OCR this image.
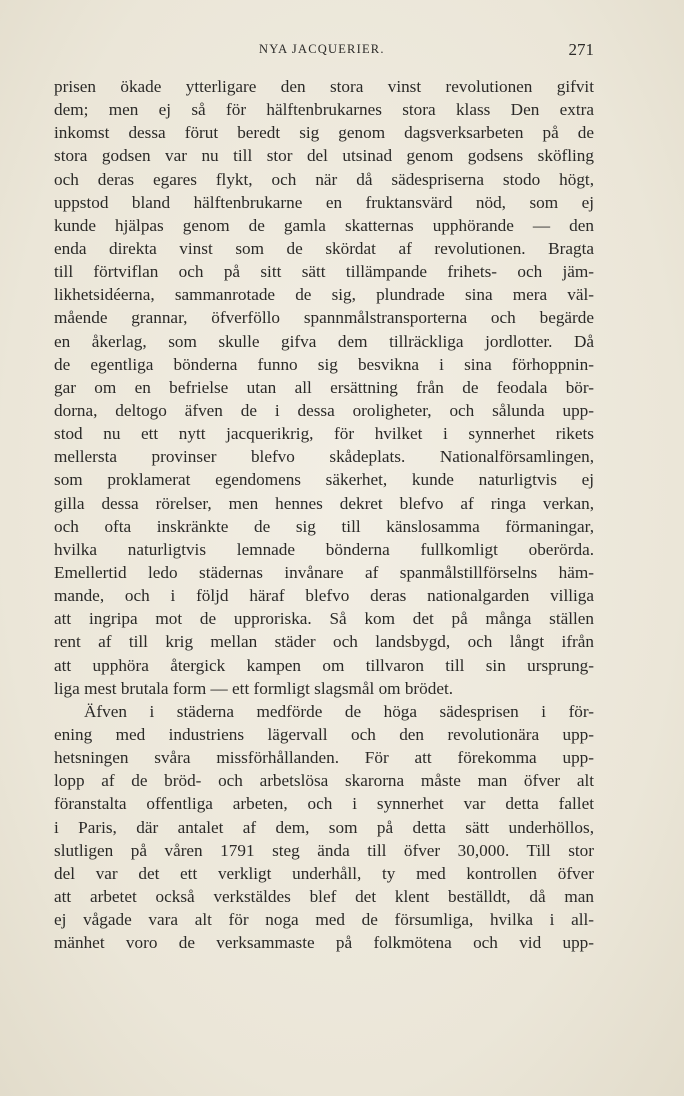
NYA JACQUERIER.	271
prisen ökade ytterligare den stora vinst revolutionen gifvit
dem; men ej så för hälftenbrukarnes stora klass Den extra
inkomst dessa förut beredt sig genom dagsverksarbeten på de
stora godsen var nu till stor del utsinad genom godsens sköfling
och deras egares flykt, och när då sädespriserna stodo högt,
uppstod bland hälftenbrukarne en fruktansvärd nöd, som ej
kunde hjälpas genom de gamla skatternas upphörande — den
enda direkta vinst som de skördat af revolutionen. Bragta
till förtviflan och på sitt sätt tillämpande frihets- och jäm-
likhetsidéerna, sammanrotade de sig, plundrade sina mera väl-
mående grannar, öfverföllo spannmålstransporterna och begärde
en åkerlag, som skulle gifva dem tillräckliga jordlotter. Då
de egentliga bönderna funno sig besvikna i sina förhoppnin-
gar om en befrielse utan all ersättning från de feodala bör-
dorna, deltogo äfven de i dessa oroligheter, och sålunda upp-
stod nu ett nytt jacquerikrig, för hvilket i synnerhet rikets
mellersta provinser blefvo skådeplats. Nationalförsamlingen,
som proklamerat egendomens säkerhet, kunde naturligtvis ej
gilla dessa rörelser, men hennes dekret blefvo af ringa verkan,
och ofta inskränkte de sig till känslosamma förmaningar,
hvilka naturligtvis lemnade bönderna fullkomligt oberörda.
Emellertid ledo städernas invånare af spanmålstillförselns häm-
mande, och i följd häraf blefvo deras nationalgarden villiga
att ingripa mot de upproriska. Så kom det på många ställen
rent af till krig mellan städer och landsbygd, och långt ifrån
att upphöra återgick kampen om tillvaron till sin ursprung-
liga mest brutala form — ett formligt slagsmål om brödet.
Äfven i städerna medförde de höga sädesprisen i för-
ening med industriens lägervall och den revolutionära upp-
hetsningen svåra missförhållanden. För att förekomma upp-
lopp af de bröd- och arbetslösa skarorna måste man öfver alt
föranstalta offentliga arbeten, och i synnerhet var detta fallet
i Paris, där antalet af dem, som på detta sätt underhöllos,
slutligen på våren 1791 steg ända till öfver 30,000. Till stor
del var det ett verkligt underhåll, ty med kontrollen öfver
att arbetet också verkstäldes blef det klent beställdt, då man
ej vågade vara alt för noga med de försumliga, hvilka i all-
mänhet voro de verksammaste på folkmötena och vid upp-
